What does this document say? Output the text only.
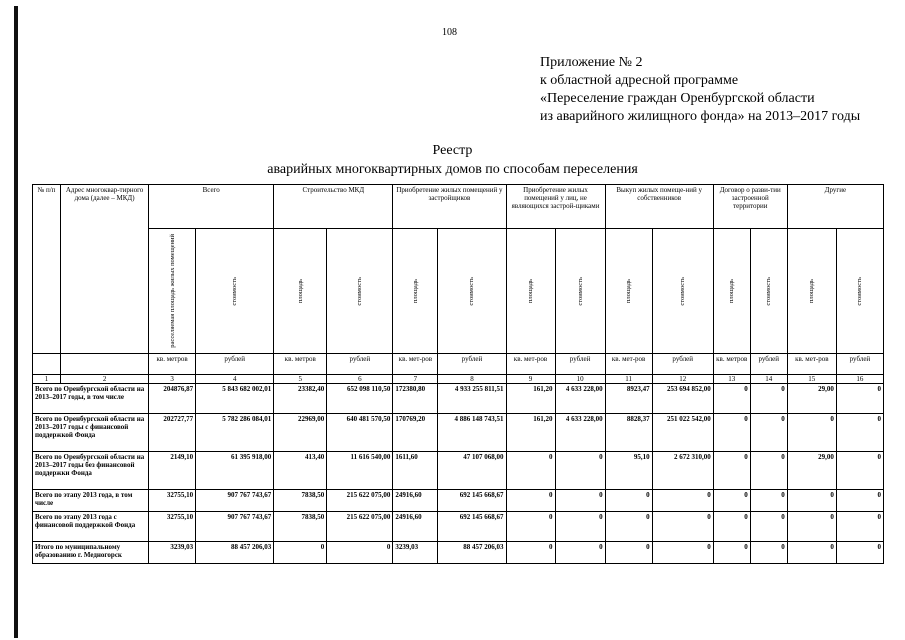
108
Приложение № 2
к областной адресной программе
«Переселение граждан Оренбургской области
из аварийного жилищного фонда» на 2013–2017 годы
Реестр
аварийных многоквартирных домов по способам переселения
№ п/п	Адрес многоквар-тирного дома (далее – МКД)	Всего		Строительство МКД		Приобретение жилых помещений у застройщиков		Приобретение жилых помещений у лиц, не являющихся застрой-щиками		Выкуп жилых помеще-ний у собственников		Договор о разви-тии застроенной территории		Другие	

		расселяемая площадь жилых помещений	стоимость	площадь	стоимость	площадь	стоимость	площадь	стоимость	площадь	стоимость	площадь	стоимость	площадь	стоимость

		кв. метров	рублей	кв. метров	рублей	кв. мет-ров	рублей	кв. мет-ров	рублей	кв. мет-ров	рублей	кв. метров	рублей	кв. мет-ров	рублей
1	2	3	4	5	6	7	8	9	10	11	12	13	14	15	16
Всего по Оренбургской области на 2013–2017 годы, в том числе		204876,87	5 843 682 002,01	23382,40	652 098 110,50	172380,80	4 933 255 811,51	161,20	4 633 228,00	8923,47	253 694 852,00	0	0	29,00	0
Всего по Оренбургской области на 2013–2017 годы с финансовой поддержкой Фонда		202727,77	5 782 286 084,01	22969,00	640 481 570,50	170769,20	4 886 148 743,51	161,20	4 633 228,00	8828,37	251 022 542,00	0	0	0	0
Всего по Оренбургской области на 2013–2017 годы без финансовой поддержки Фонда		2149,10	61 395 918,00	413,40	11 616 540,00	1611,60	47 107 068,00	0	0	95,10	2 672 310,00	0	0	29,00	0
Всего по этапу 2013 года, в том числе		32755,10	907 767 743,67	7838,50	215 622 075,00	24916,60	692 145 668,67	0	0	0	0	0	0	0	0
Всего по этапу 2013 года с финансовой поддержкой Фонда		32755,10	907 767 743,67	7838,50	215 622 075,00	24916,60	692 145 668,67	0	0	0	0	0	0	0	0
Итого по муниципальному образованию г. Медногорск		3239,03	88 457 206,03	0	0	3239,03	88 457 206,03	0	0	0	0	0	0	0	0
